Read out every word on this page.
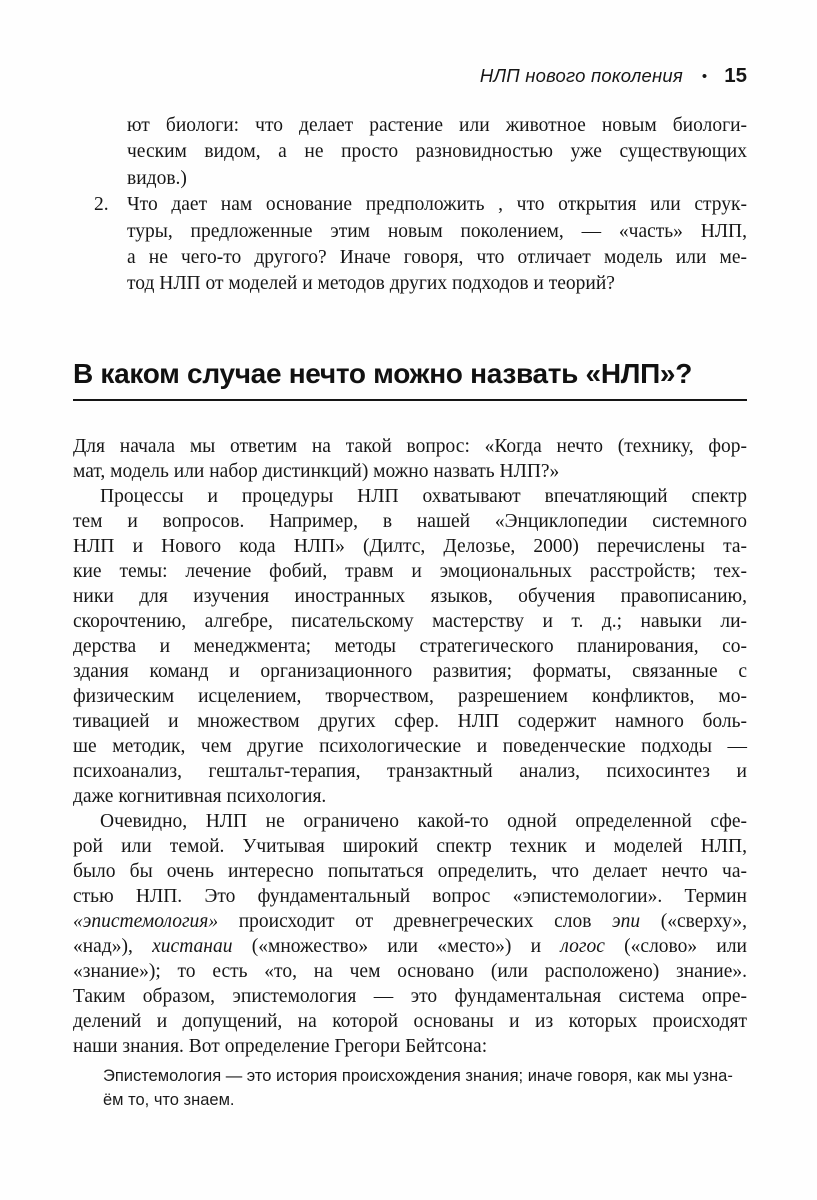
НЛП нового поколения • 15
ют биологи: что делает растение или животное новым биологи-
ческим видом, а не просто разновидностью уже существующих
видов.)
2. Что дает нам основание предположить , что открытия или струк-
туры, предложенные этим новым поколением, — «часть» НЛП,
а не чего-то другого? Иначе говоря, что отличает модель или ме-
тод НЛП от моделей и методов других подходов и теорий?
В каком случае нечто можно назвать «НЛП»?
Для начала мы ответим на такой вопрос: «Когда нечто (технику, фор-
мат, модель или набор дистинкций) можно назвать НЛП?»
Процессы и процедуры НЛП охватывают впечатляющий спектр
тем и вопросов. Например, в нашей «Энциклопедии системного
НЛП и Нового кода НЛП» (Дилтс, Делозье, 2000) перечислены та-
кие темы: лечение фобий, травм и эмоциональных расстройств; тех-
ники для изучения иностранных языков, обучения правописанию,
скорочтению, алгебре, писательскому мастерству и т. д.; навыки ли-
дерства и менеджмента; методы стратегического планирования, со-
здания команд и организационного развития; форматы, связанные с
физическим исцелением, творчеством, разрешением конфликтов, мо-
тивацией и множеством других сфер. НЛП содержит намного боль-
ше методик, чем другие психологические и поведенческие подходы —
психоанализ, гештальт-терапия, транзактный анализ, психосинтез и
даже когнитивная психология.
Очевидно, НЛП не ограничено какой-то одной определенной сфе-
рой или темой. Учитывая широкий спектр техник и моделей НЛП,
было бы очень интересно попытаться определить, что делает нечто ча-
стью НЛП. Это фундаментальный вопрос «эпистемологии». Термин
«эпистемология» происходит от древнегреческих слов эпи («сверху»,
«над»), хистанаи («множество» или «место») и логос («слово» или
«знание»); то есть «то, на чем основано (или расположено) знание».
Таким образом, эпистемология — это фундаментальная система опре-
делений и допущений, на которой основаны и из которых происходят
наши знания. Вот определение Грегори Бейтсона:
Эпистемология — это история происхождения знания; иначе говоря, как мы узна-
ём то, что знаем.
